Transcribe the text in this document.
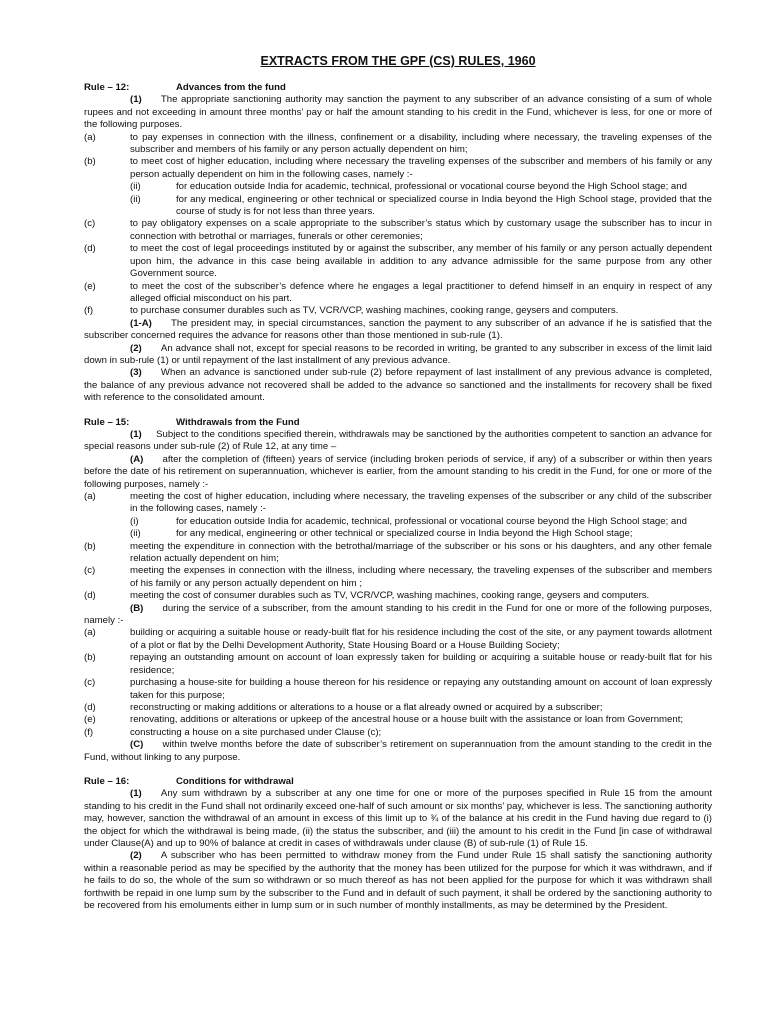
EXTRACTS FROM THE GPF (CS) RULES, 1960
Rule – 12:	Advances from the fund

(1)   The appropriate sanctioning authority may sanction the payment to any subscriber of an advance consisting of a sum of whole rupees and not exceeding in amount three months’ pay or half the amount standing to his credit in the Fund, whichever is less, for one or more of the following purposes.

(a)	to pay expenses in connection with the illness, confinement or a disability, including where necessary, the traveling expenses of the subscriber and members of his family or any person actually dependent on him;
(b)	to meet cost of higher education, including where necessary the traveling expenses of the subscriber and members of his family or any person actually dependent on him in the following cases, namely :-
(ii)	for education outside India for academic, technical, professional or vocational course beyond the High School stage; and
(ii)	for any medical, engineering or other technical or specialized course in India beyond the High School stage, provided that the course of study is for not less than three years.
(c)	to pay obligatory expenses on a scale appropriate to the subscriber’s status which by customary usage the subscriber has to incur in connection with betrothal or marriages, funerals or other ceremonies;
(d)	to meet the cost of legal proceedings instituted by or against the subscriber, any member of his family or any person actually dependent upon him, the advance in this case being available in addition to any advance admissible for the same purpose from any other Government source.
(e)	to meet the cost of the subscriber’s defence where he engages a legal practitioner to defend himself in an enquiry in respect of any alleged official misconduct on his part.
(f)	to purchase consumer durables such as TV, VCR/VCP, washing machines, cooking range, geysers and computers.

(1-A)   The president may, in special circumstances, sanction the payment to any subscriber of an advance if he is satisfied that the subscriber concerned requires the advance for reasons other than those mentioned in sub-rule (1).

(2)   An advance shall not, except for special reasons to be recorded in writing, be granted to any subscriber in excess of the limit laid down in sub-rule (1) or until repayment of the last installment of any previous advance.

(3)   When an advance is sanctioned under sub-rule (2) before repayment of last installment of any previous advance is completed, the balance of any previous advance not recovered shall be added to the advance so sanctioned and the installments for recovery shall be fixed with reference to the consolidated amount.

Rule – 15:	Withdrawals from the Fund

(1)   Subject to the conditions specified therein, withdrawals may be sanctioned by the authorities competent to sanction an advance for special reasons under sub-rule (2) of Rule 12, at any time –

(A)   after the completion of (fifteen) years of service (including broken periods of service, if any) of a subscriber or within then years before the date of his retirement on superannuation, whichever is earlier, from the amount standing to his credit in the Fund, for one or more of the following purposes, namely :-

(a)	meeting the cost of higher education, including where necessary, the traveling expenses of the subscriber or any child of the subscriber in the following cases, namely :-
(i)	for education outside India for academic, technical, professional or vocational course beyond the High School stage; and
(ii)	for any medical, engineering or other technical or specialized course in India beyond the High School stage;
(b)	meeting the expenditure in connection with the betrothal/marriage of the subscriber or his sons or his daughters, and any other female relation actually dependent on him;
(c)	meeting the expenses in connection with the illness, including where necessary, the traveling expenses of the subscriber and members of his family or any person actually dependent on him ;
(d)	meeting the cost of consumer durables such as TV, VCR/VCP, washing machines, cooking range, geysers and computers.

(B)   during the service of a subscriber, from the amount standing to his credit in the Fund for one or more of the following purposes, namely :-

(a)	building or acquiring a suitable house or ready-built flat for his residence including the cost of the site, or any payment towards allotment of a plot or flat by the Delhi Development Authority, State Housing Board or a House Building Society;
(b)	repaying an outstanding amount on account of loan expressly taken for building or acquiring a suitable house or ready-built flat for his residence;
(c)	purchasing a house-site for building a house thereon for his residence or repaying any outstanding amount on account of loan expressly taken for this purpose;
(d)	reconstructing or making additions or alterations to a house or a flat already owned or acquired by a subscriber;
(e)	renovating, additions or alterations or upkeep of the ancestral house or a house built with the assistance or loan from Government;
(f)	constructing a house on a site purchased under Clause (c);

(C)   within twelve months before the date of subscriber’s retirement on superannuation from the amount standing to the credit in the Fund, without linking to any purpose.

Rule – 16:	Conditions for withdrawal

(1)   Any sum withdrawn by a subscriber at any one time for one or more of the purposes specified in Rule 15 from the amount standing to his credit in the Fund shall not ordinarily exceed one-half of such amount or six months’ pay, whichever is less. The sanctioning authority may, however, sanction the withdrawal of an amount in excess of this limit up to ¾ of the balance at his credit in the Fund having due regard to (i) the object for which the withdrawal is being made, (ii) the status the subscriber, and (iii) the amount to his credit in the Fund [in case of withdrawal under Clause(A) and up to 90% of balance at credit in cases of withdrawals under clause (B) of sub-rule (1) of Rule 15.

(2)   A subscriber who has been permitted to withdraw money from the Fund under Rule 15 shall satisfy the sanctioning authority within a reasonable period as may be specified by the authority that the money has been utilized for the purpose for which it was withdrawn, and if he fails to do so, the whole of the sum so withdrawn or so much thereof as has not been applied for the purpose for which it was withdrawn shall forthwith be repaid in one lump sum by the subscriber to the Fund and in default of such payment, it shall be ordered by the sanctioning authority to be recovered from his emoluments either in lump sum or in such number of monthly installments, as may be determined by the President.
